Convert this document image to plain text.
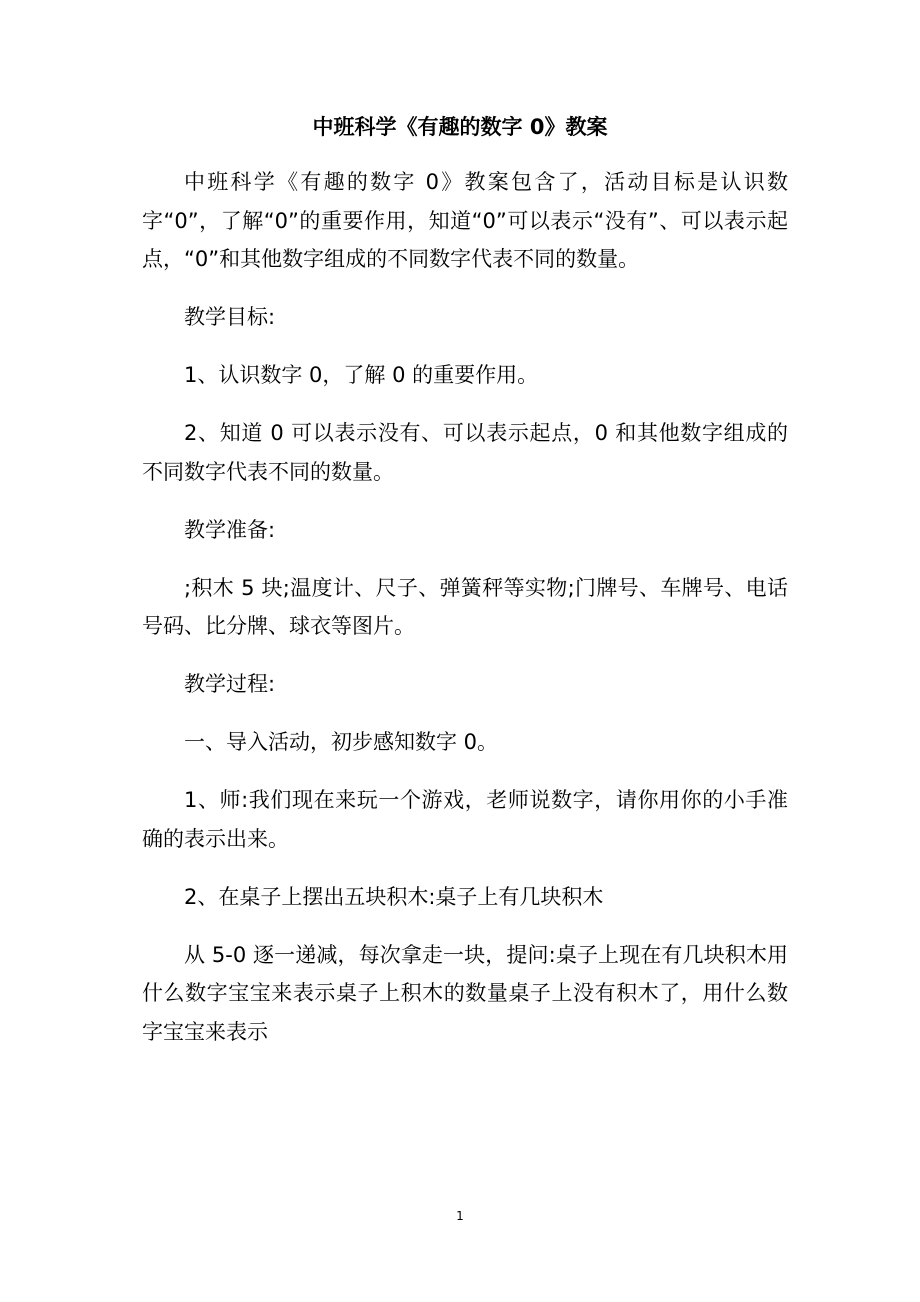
中班科学《有趣的数字 0》教案

中班科学《有趣的数字 0》教案包含了，活动目标是认识数字“0”，了解“0”的重要作用，知道“0”可以表示“没有”、可以表示起点，“0”和其他数字组成的不同数字代表不同的数量。

教学目标:

1、认识数字 0，了解 0 的重要作用。

2、知道 0 可以表示没有、可以表示起点，0 和其他数字组成的不同数字代表不同的数量。

教学准备:

;积木 5 块;温度计、尺子、弹簧秤等实物;门牌号、车牌号、电话号码、比分牌、球衣等图片。

教学过程:

一、导入活动，初步感知数字 0。

1、师:我们现在来玩一个游戏，老师说数字，请你用你的小手准确的表示出来。

2、在桌子上摆出五块积木:桌子上有几块积木

从 5-0 逐一递减，每次拿走一块，提问:桌子上现在有几块积木用什么数字宝宝来表示桌子上积木的数量桌子上没有积木了，用什么数字宝宝来表示

1
